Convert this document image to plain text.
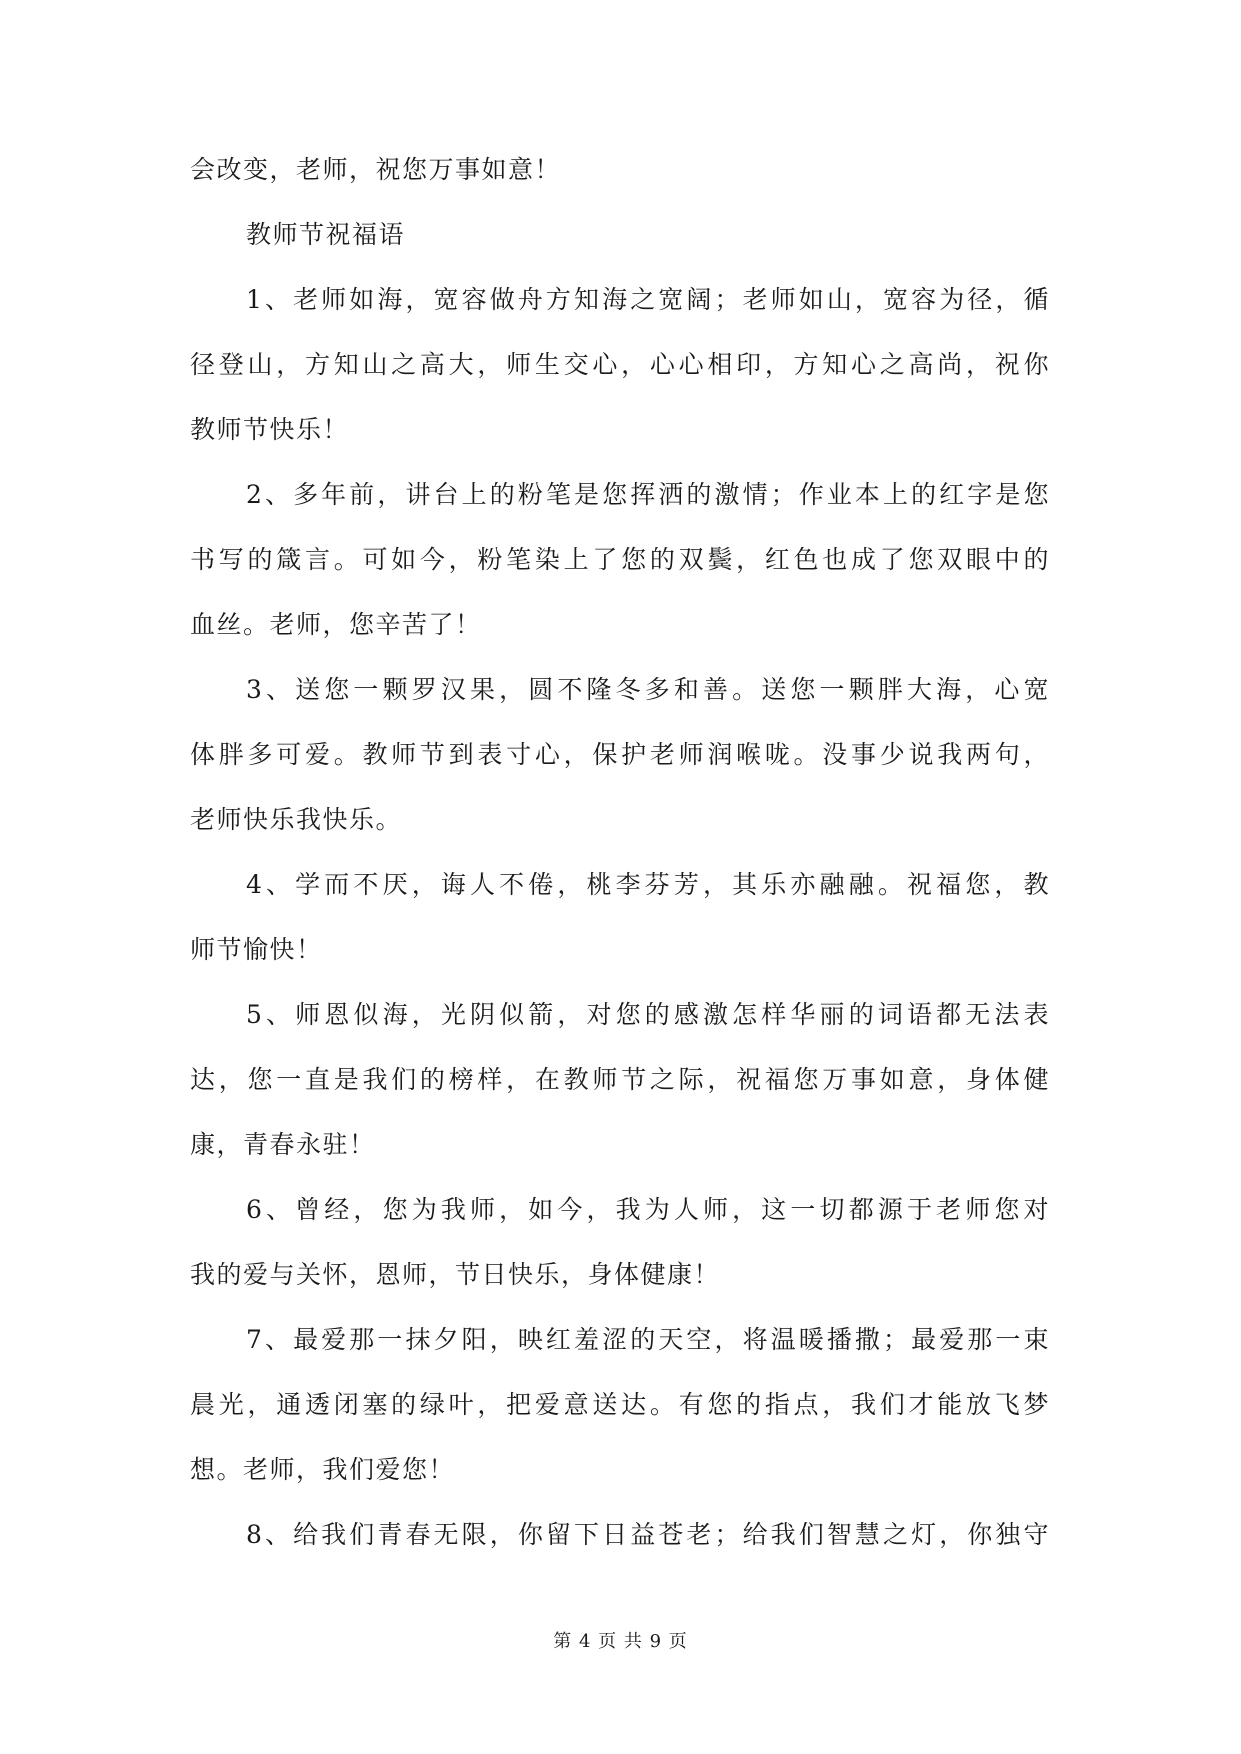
会改变，老师，祝您万事如意！
教师节祝福语
1、老师如海，宽容做舟方知海之宽阔；老师如山，宽容为径，循
径登山，方知山之高大，师生交心，心心相印，方知心之高尚，祝你
教师节快乐！
2、多年前，讲台上的粉笔是您挥洒的激情；作业本上的红字是您
书写的箴言。可如今，粉笔染上了您的双鬓，红色也成了您双眼中的
血丝。老师，您辛苦了！
3、送您一颗罗汉果，圆不隆冬多和善。送您一颗胖大海，心宽
体胖多可爱。教师节到表寸心，保护老师润喉咙。没事少说我两句，
老师快乐我快乐。
4、学而不厌，诲人不倦，桃李芬芳，其乐亦融融。祝福您，教
师节愉快！
5、师恩似海，光阴似箭，对您的感激怎样华丽的词语都无法表
达，您一直是我们的榜样，在教师节之际，祝福您万事如意，身体健
康，青春永驻！
6、曾经，您为我师，如今，我为人师，这一切都源于老师您对
我的爱与关怀，恩师，节日快乐，身体健康！
7、最爱那一抹夕阳，映红羞涩的天空，将温暖播撒；最爱那一束
晨光，通透闭塞的绿叶，把爱意送达。有您的指点，我们才能放飞梦
想。老师，我们爱您！
8、给我们青春无限，你留下日益苍老；给我们智慧之灯，你独守
第 4 页 共 9 页
